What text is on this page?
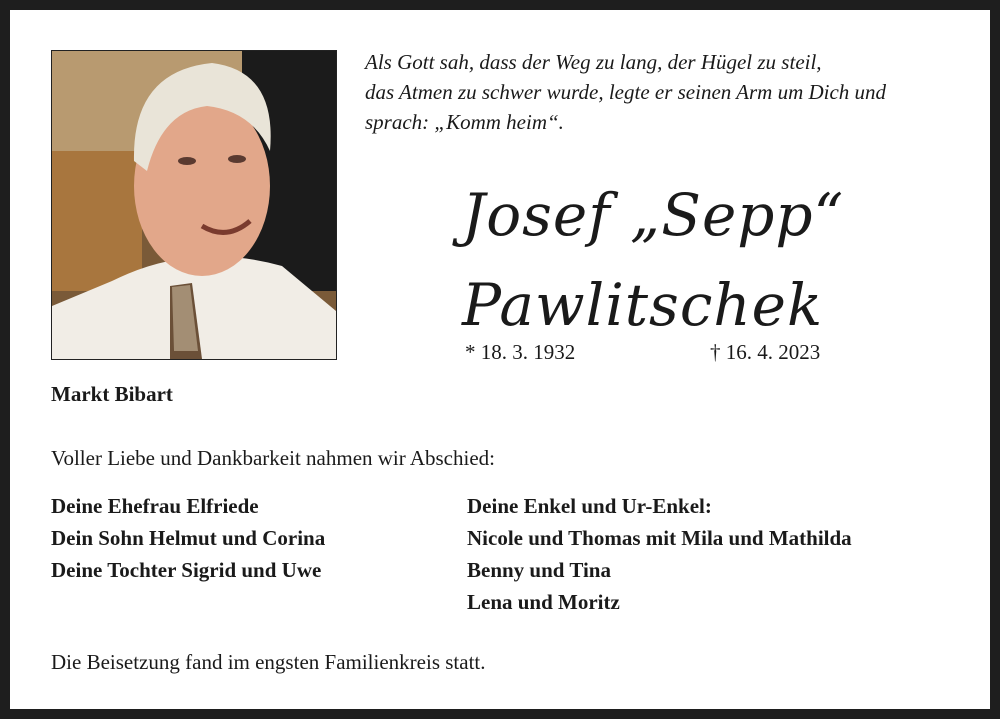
Als Gott sah, dass der Weg zu lang, der Hügel zu steil,
das Atmen zu schwer wurde, legte er seinen Arm um Dich und
sprach: „Komm heim“.
Josef „Sepp“
Pawlitschek
* 18. 3. 1932	† 16. 4. 2023
Markt Bibart
Voller Liebe und Dankbarkeit nahmen wir Abschied:
Deine Ehefrau Elfriede
Dein Sohn Helmut und Corina
Deine Tochter Sigrid und Uwe
Deine Enkel und Ur-Enkel:
Nicole und Thomas mit Mila und Mathilda
Benny und Tina
Lena und Moritz
Die Beisetzung fand im engsten Familienkreis statt.
